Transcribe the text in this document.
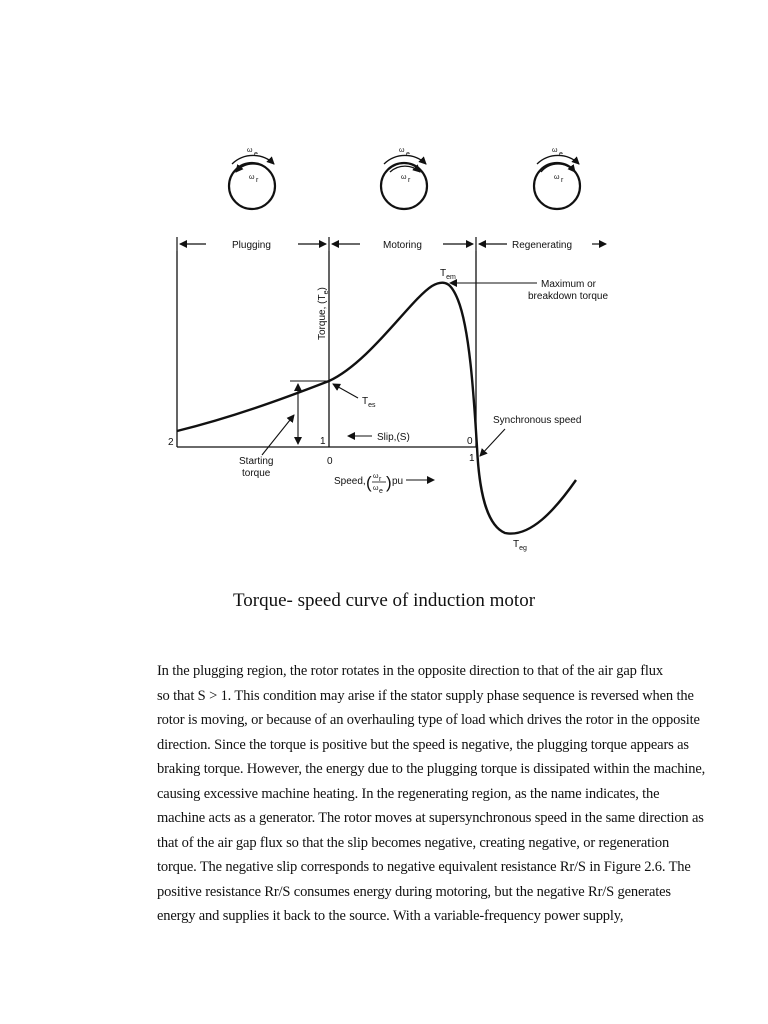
ω
e
ω r
ω
e
ω r
ω
e
ω r
Plugging	Motoring	Regenerating
Torque, $(T_e)$
Starting
torque
$T_{em}$
Maximum or
breakdown torque
$T_{es}$
Synchronous speed
$T_{eg}$
2	1	0
Slip,(S)
0	1
Speed, ( ω r
ω e ) pu
Torque- speed curve of induction motor
In the plugging region, the rotor rotates in the opposite direction to that of the air gap flux
so that S > 1. This condition may arise if the stator supply phase sequence is reversed when the
rotor is moving, or because of an overhauling type of load which drives the rotor in the opposite
direction. Since the torque is positive but the speed is negative, the plugging torque appears as
braking torque. However, the energy due to the plugging torque is dissipated within the machine,
causing excessive machine heating. In the regenerating region, as the name indicates, the
machine acts as a generator. The rotor moves at supersynchronous speed in the same direction as
that of the air gap flux so that the slip becomes negative, creating negative, or regeneration
torque. The negative slip corresponds to negative equivalent resistance Rr/S in Figure 2.6. The
positive resistance Rr/S consumes energy during motoring, but the negative Rr/S generates
energy and supplies it back to the source. With a variable-frequency power supply,
